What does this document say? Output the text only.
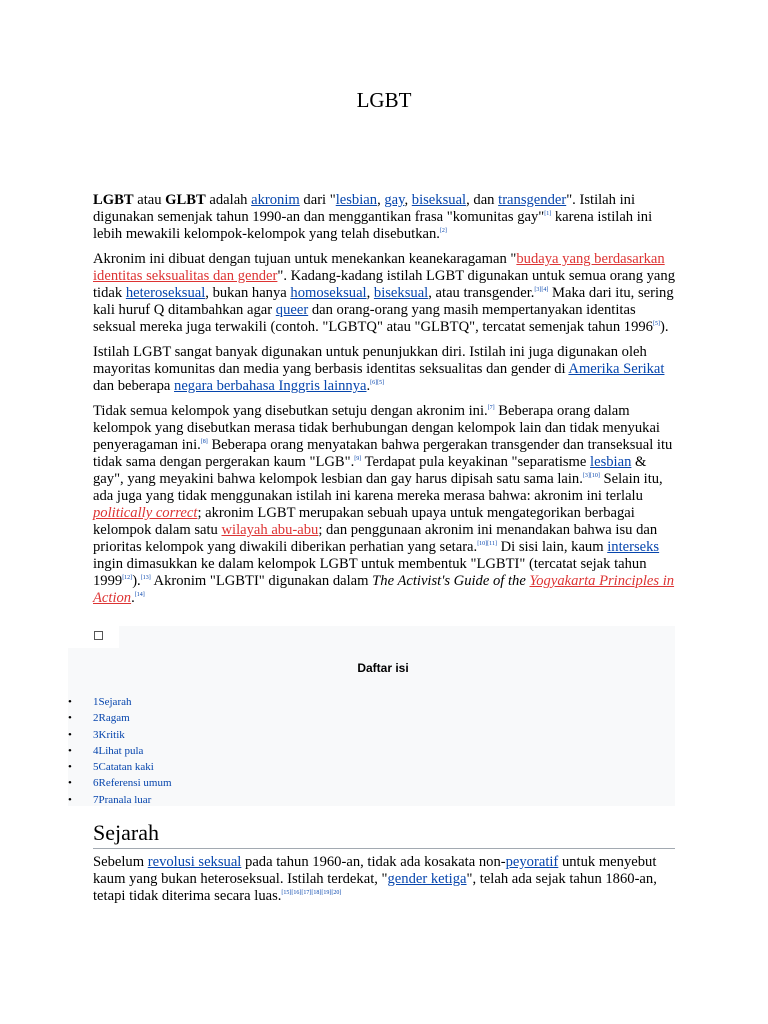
LGBT

LGBT atau GLBT adalah akronim dari "lesbian, gay, biseksual, dan transgender". Istilah ini digunakan semenjak tahun 1990-an dan menggantikan frasa "komunitas gay"[1] karena istilah ini lebih mewakili kelompok-kelompok yang telah disebutkan.[2]

Akronim ini dibuat dengan tujuan untuk menekankan keanekaragaman "budaya yang berdasarkan identitas seksualitas dan gender". Kadang-kadang istilah LGBT digunakan untuk semua orang yang tidak heteroseksual, bukan hanya homoseksual, biseksual, atau transgender.[3][4] Maka dari itu, sering kali huruf Q ditambahkan agar queer dan orang-orang yang masih mempertanyakan identitas seksual mereka juga terwakili (contoh. "LGBTQ" atau "GLBTQ", tercatat semenjak tahun 1996[5]).

Istilah LGBT sangat banyak digunakan untuk penunjukkan diri. Istilah ini juga digunakan oleh mayoritas komunitas dan media yang berbasis identitas seksualitas dan gender di Amerika Serikat dan beberapa negara berbahasa Inggris lainnya.[6][5]

Tidak semua kelompok yang disebutkan setuju dengan akronim ini.[7] Beberapa orang dalam kelompok yang disebutkan merasa tidak berhubungan dengan kelompok lain dan tidak menyukai penyeragaman ini.[8] Beberapa orang menyatakan bahwa pergerakan transgender dan transeksual itu tidak sama dengan pergerakan kaum "LGB".[9] Terdapat pula keyakinan "separatisme lesbian & gay", yang meyakini bahwa kelompok lesbian dan gay harus dipisah satu sama lain.[3][10] Selain itu, ada juga yang tidak menggunakan istilah ini karena mereka merasa bahwa: akronim ini terlalu politically correct; akronim LGBT merupakan sebuah upaya untuk mengategorikan berbagai kelompok dalam satu wilayah abu-abu; dan penggunaan akronim ini menandakan bahwa isu dan prioritas kelompok yang diwakili diberikan perhatian yang setara.[10][11] Di sisi lain, kaum interseks ingin dimasukkan ke dalam kelompok LGBT untuk membentuk "LGBTI" (tercatat sejak tahun 1999[12]).[13] Akronim "LGBTI" digunakan dalam The Activist's Guide of the Yogyakarta Principles in Action.[14]

Daftar isi
• 1Sejarah
• 2Ragam
• 3Kritik
• 4Lihat pula
• 5Catatan kaki
• 6Referensi umum
• 7Pranala luar
Sejarah

Sebelum revolusi seksual pada tahun 1960-an, tidak ada kosakata non-peyoratif untuk menyebut kaum yang bukan heteroseksual. Istilah terdekat, "gender ketiga", telah ada sejak tahun 1860-an, tetapi tidak diterima secara luas.[15][16][17][18][19][20]
